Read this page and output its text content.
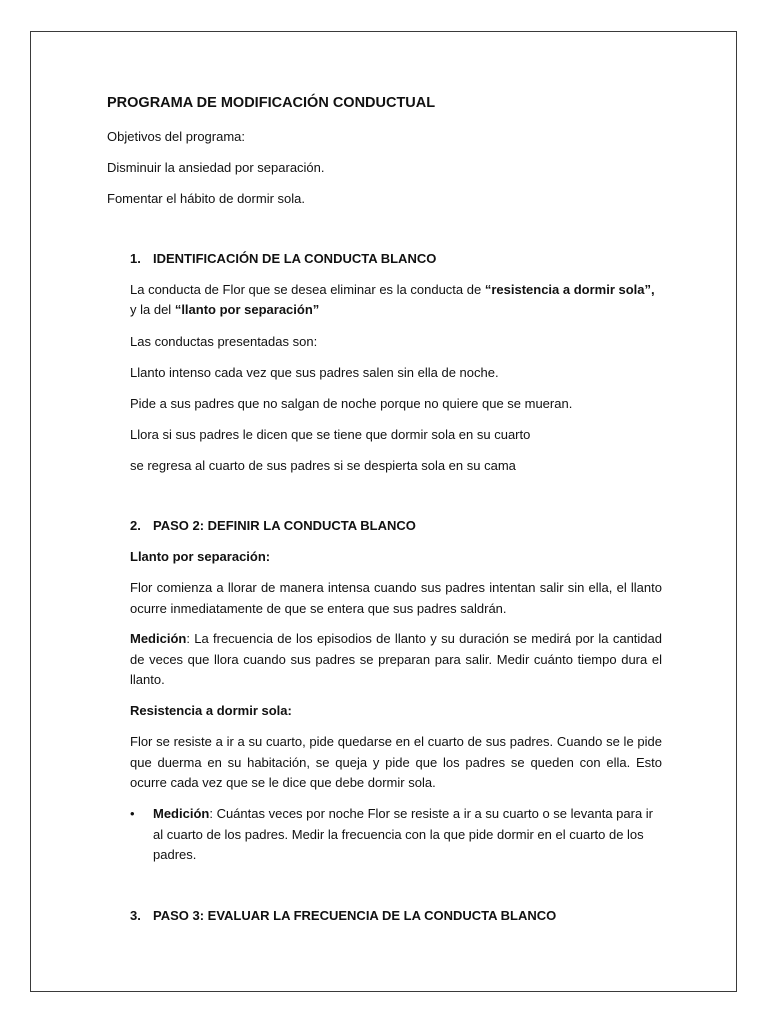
PROGRAMA DE MODIFICACIÓN CONDUCTUAL
Objetivos del programa:
Disminuir la ansiedad por separación.
Fomentar el hábito de dormir sola.
1. IDENTIFICACIÓN DE LA CONDUCTA BLANCO
La conducta de Flor que se desea eliminar es la conducta de “resistencia a dormir sola”,
y la del “llanto por separación”
Las conductas presentadas son:
Llanto intenso cada vez que sus padres salen sin ella de noche.
Pide a sus padres que no salgan de noche porque no quiere que se mueran.
Llora si sus padres le dicen que se tiene que dormir sola en su cuarto
se regresa al cuarto de sus padres si se despierta sola en su cama
2. PASO 2: DEFINIR LA CONDUCTA BLANCO
Llanto por separación:
Flor comienza a llorar de manera intensa cuando sus padres intentan salir sin ella, el llanto ocurre inmediatamente de que se entera que sus padres saldrán.
Medición: La frecuencia de los episodios de llanto y su duración se medirá por la cantidad de veces que llora cuando sus padres se preparan para salir. Medir cuánto tiempo dura el llanto.
Resistencia a dormir sola:
Flor se resiste a ir a su cuarto, pide quedarse en el cuarto de sus padres. Cuando se le pide que duerma en su habitación, se queja y pide que los padres se queden con ella. Esto ocurre cada vez que se le dice que debe dormir sola.
• Medición: Cuántas veces por noche Flor se resiste a ir a su cuarto o se levanta para ir al cuarto de los padres. Medir la frecuencia con la que pide dormir en el cuarto de los padres.
3. PASO 3: EVALUAR LA FRECUENCIA DE LA CONDUCTA BLANCO
